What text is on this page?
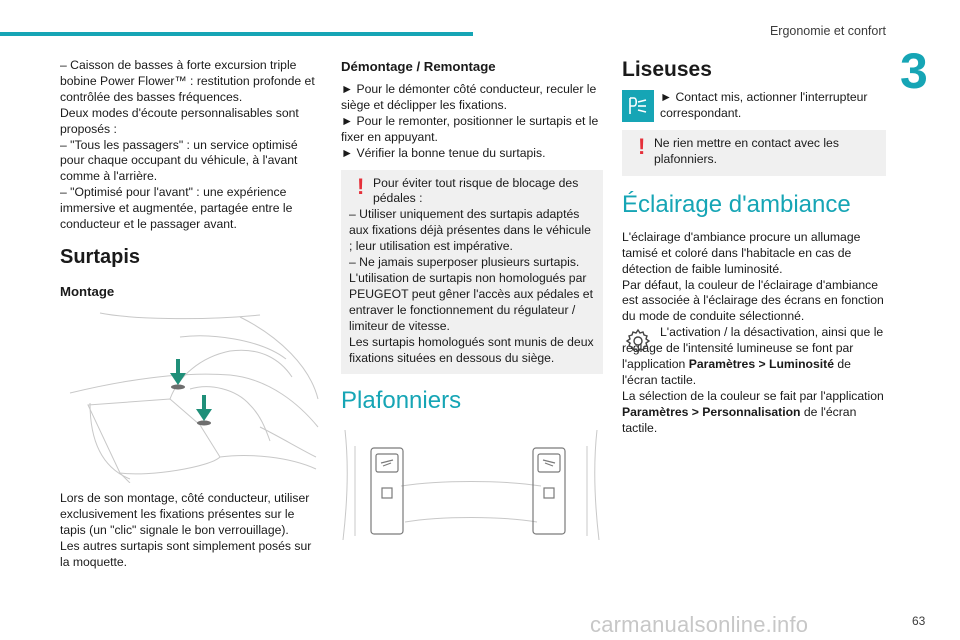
Ergonomie et confort
3

– Caisson de basses à forte excursion triple bobine Power Flower™ : restitution profonde et contrôlée des basses fréquences.

Deux modes d'écoute personnalisables sont proposés :

– "Tous les passagers" : un service optimisé pour chaque occupant du véhicule, à l'avant comme à l'arrière.

– "Optimisé pour l'avant" : une expérience immersive et augmentée, partagée entre le conducteur et le passager avant.

Surtapis
Montage

Lors de son montage, côté conducteur, utiliser exclusivement les fixations présentes sur le tapis (un "clic" signale le bon verrouillage).

Les autres surtapis sont simplement posés sur la moquette.

Démontage / Remontage

► Pour le démonter côté conducteur, reculer le siège et déclipper les fixations.

► Pour le remonter, positionner le surtapis et le fixer en appuyant.

► Vérifier la bonne tenue du surtapis.

! Pour éviter tout risque de blocage des pédales :

– Utiliser uniquement des surtapis adaptés aux fixations déjà présentes dans le véhicule ; leur utilisation est impérative.

– Ne jamais superposer plusieurs surtapis.

L'utilisation de surtapis non homologués par PEUGEOT peut gêner l'accès aux pédales et entraver le fonctionnement du régulateur / limiteur de vitesse.

Les surtapis homologués sont munis de deux fixations situées en dessous du siège.

Plafonniers
Liseuses

► Contact mis, actionner l'interrupteur correspondant.

! Ne rien mettre en contact avec les plafonniers.

Éclairage d'ambiance

L'éclairage d'ambiance procure un allumage tamisé et coloré dans l'habitacle en cas de détection de faible luminosité.

Par défaut, la couleur de l'éclairage d'ambiance est associée à l'éclairage des écrans en fonction du mode de conduite sélectionné.

L'activation / la désactivation, ainsi que le réglage de l'intensité lumineuse se font par l'application Paramètres > Luminosité de l'écran tactile.

La sélection de la couleur se fait par l'application Paramètres > Personnalisation de l'écran tactile.

carmanualsonline.info	63
